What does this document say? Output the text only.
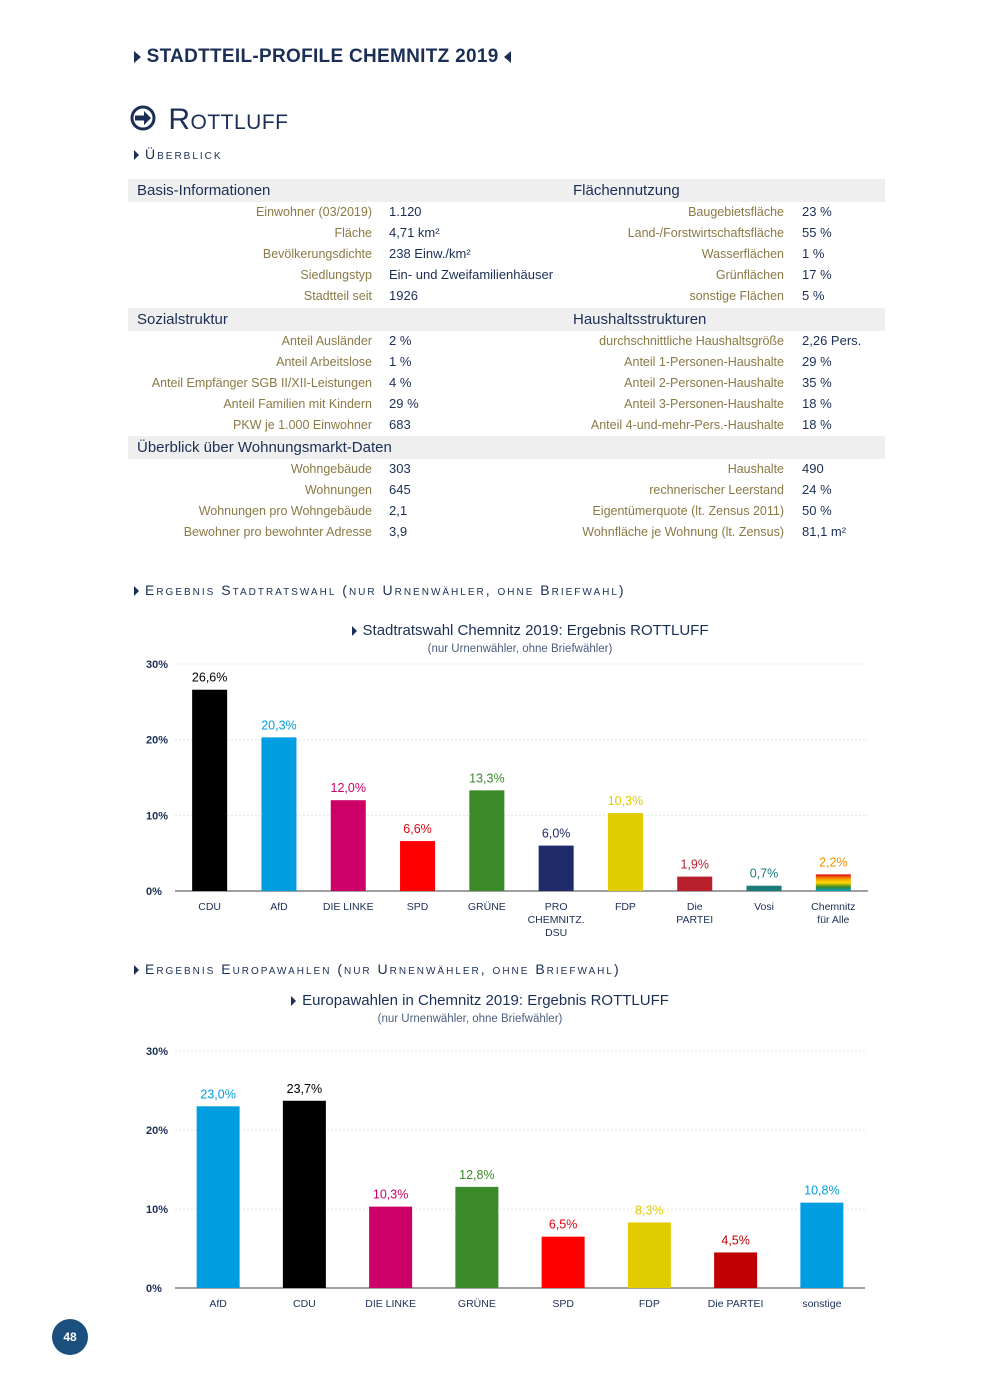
STADTTEIL-PROFILE CHEMNITZ 2019
Rottluff
Überblick
Basis-Informationen	Flächennutzung
Einwohner (03/2019) 1.120
Fläche 4,71 km²
Bevölkerungsdichte 238 Einw./km²
Siedlungstyp Ein- und Zweifamilienhäuser
Stadtteil seit 1926
Baugebietsfläche 23 %
Land-/Forstwirtschaftsfläche 55 %
Wasserflächen 1 %
Grünflächen 17 %
sonstige Flächen 5 %
Sozialstruktur	Haushaltsstrukturen
Anteil Ausländer 2 %
Anteil Arbeitslose 1 %
Anteil Empfänger SGB II/XII-Leistungen 4 %
Anteil Familien mit Kindern 29 %
PKW je 1.000 Einwohner 683
durchschnittliche Haushaltsgröße 2,26 Pers.
Anteil 1-Personen-Haushalte 29 %
Anteil 2-Personen-Haushalte 35 %
Anteil 3-Personen-Haushalte 18 %
Anteil 4-und-mehr-Pers.-Haushalte 18 %
Überblick über Wohnungsmarkt-Daten
Wohngebäude 303
Wohnungen 645
Wohnungen pro Wohngebäude 2,1
Bewohner pro bewohnter Adresse 3,9
Haushalte 490
rechnerischer Leerstand 24 %
Eigentümerquote (lt. Zensus 2011) 50 %
Wohnfläche je Wohnung (lt. Zensus) 81,1 m²
Ergebnis Stadtratswahl (nur Urnenwähler, ohne Briefwahl)
Stadtratswahl Chemnitz 2019: Ergebnis ROTTLUFF
(nur Urnenwähler, ohne Briefwähler)
0%
10%
20%
30%
26,6%
CDU
20,3%
AfD
12,0%
DIE LINKE
6,6%
SPD
13,3%
GRÜNE
6,0%
PRO
CHEMNITZ.
DSU
10,3%
FDP
1,9%
Die
PARTEI
0,7%
Vosi
2,2%
Chemnitz
für Alle
Ergebnis Europawahlen (nur Urnenwähler, ohne Briefwahl)
Europawahlen in Chemnitz 2019: Ergebnis ROTTLUFF
(nur Urnenwähler, ohne Briefwähler)
0%
10%
20%
30%
23,0%
AfD
23,7%
CDU
10,3%
DIE LINKE
12,8%
GRÜNE
6,5%
SPD
8,3%
FDP
4,5%
Die PARTEI
10,8%
sonstige
48
